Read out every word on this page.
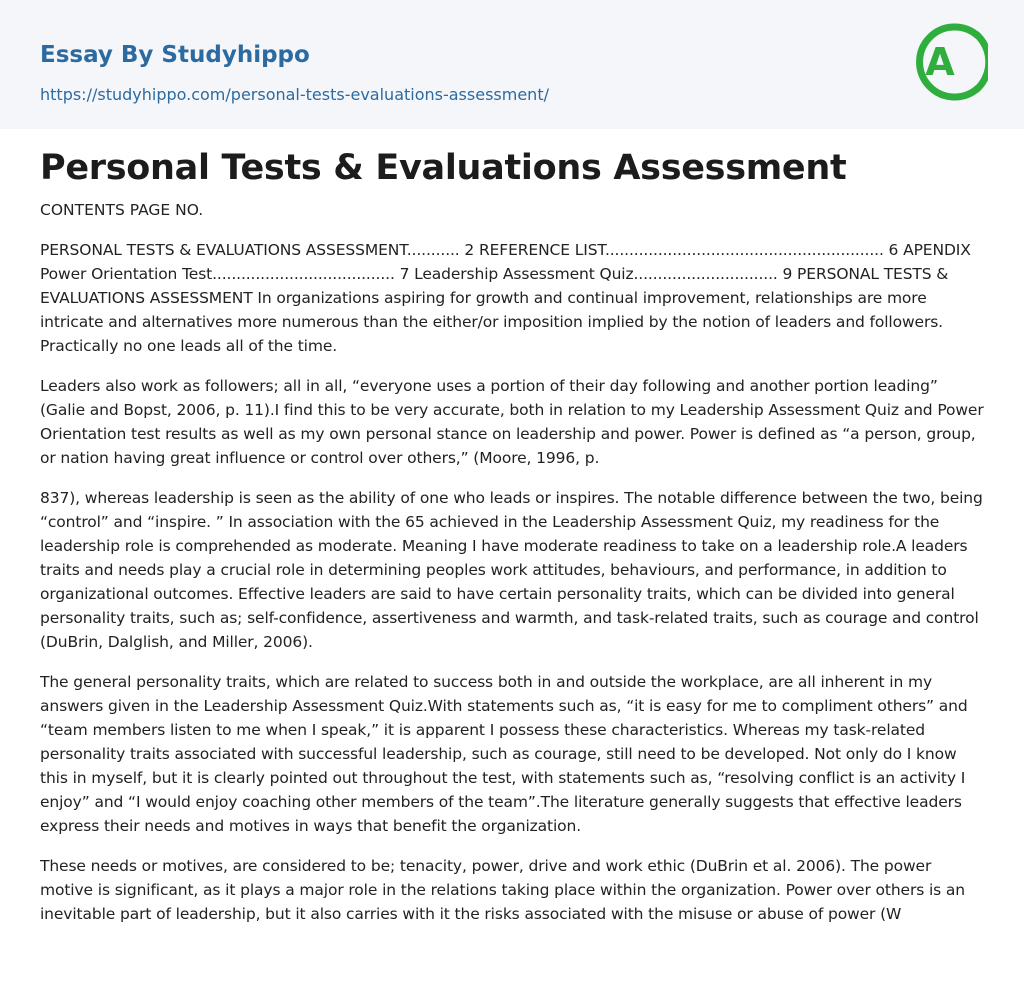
Essay By Studyhippo
https://studyhippo.com/personal-tests-evaluations-assessment/
A
Personal Tests & Evaluations Assessment
CONTENTS PAGE NO.

PERSONAL TESTS & EVALUATIONS ASSESSMENT........... 2 REFERENCE LIST.......................................................... 6 APENDIX Power Orientation Test...................................... 7 Leadership Assessment Quiz.............................. 9 PERSONAL TESTS & EVALUATIONS ASSESSMENT In organizations aspiring for growth and continual improvement, relationships are more intricate and alternatives more numerous than the either/or imposition implied by the notion of leaders and followers. Practically no one leads all of the time.

Leaders also work as followers; all in all, “everyone uses a portion of their day following and another portion leading” (Galie and Bopst, 2006, p. 11).I find this to be very accurate, both in relation to my Leadership Assessment Quiz and Power Orientation test results as well as my own personal stance on leadership and power. Power is defined as “a person, group, or nation having great influence or control over others,” (Moore, 1996, p.

837), whereas leadership is seen as the ability of one who leads or inspires. The notable difference between the two, being “control” and “inspire. ” In association with the 65 achieved in the Leadership Assessment Quiz, my readiness for the leadership role is comprehended as moderate. Meaning I have moderate readiness to take on a leadership role.A leaders traits and needs play a crucial role in determining peoples work attitudes, behaviours, and performance, in addition to organizational outcomes. Effective leaders are said to have certain personality traits, which can be divided into general personality traits, such as; self-confidence, assertiveness and warmth, and task-related traits, such as courage and control (DuBrin, Dalglish, and Miller, 2006).

The general personality traits, which are related to success both in and outside the workplace, are all inherent in my answers given in the Leadership Assessment Quiz.With statements such as, “it is easy for me to compliment others” and “team members listen to me when I speak,” it is apparent I possess these characteristics. Whereas my task-related personality traits associated with successful leadership, such as courage, still need to be developed. Not only do I know this in myself, but it is clearly pointed out throughout the test, with statements such as, “resolving conflict is an activity I enjoy” and “I would enjoy coaching other members of the team”.The literature generally suggests that effective leaders express their needs and motives in ways that benefit the organization.

These needs or motives, are considered to be; tenacity, power, drive and work ethic (DuBrin et al. 2006). The power motive is significant, as it plays a major role in the relations taking place within the organization. Power over others is an inevitable part of leadership, but it also carries with it the risks associated with the misuse or abuse of power (W
